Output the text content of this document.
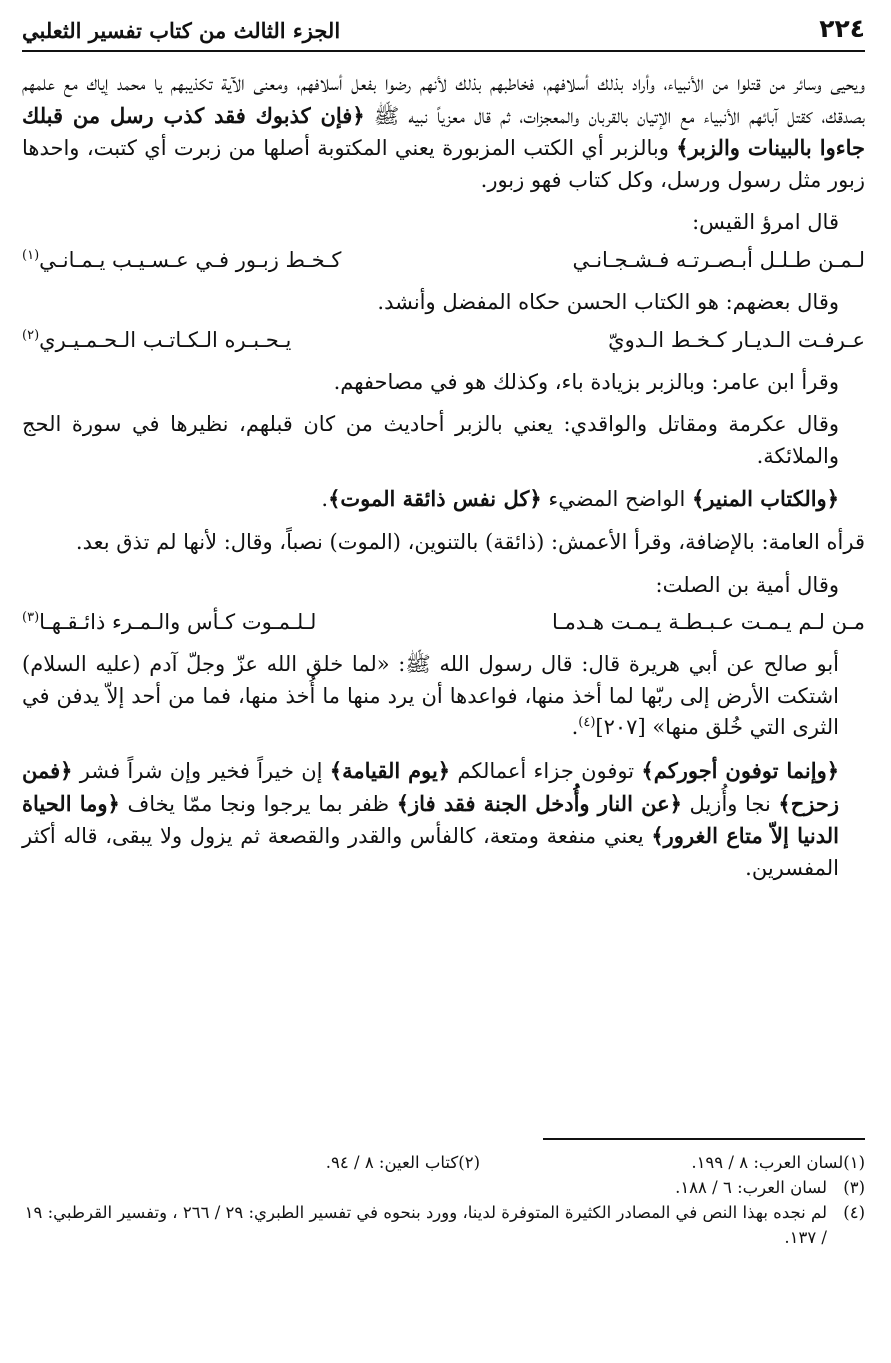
٢٢٤
الجزء الثالث من كتاب تفسير الثعلبي

ويحيى وسائر من قتلوا من الأنبياء، وأراد بذلك أسلافهم، فخاطبهم بذلك لأنهم رضوا بفعل أسلافهم، ومعنى الآية تكذيبهم يا محمد إياك مع علمهم بصدقك، كقتل آبائهم الأنبياء مع الإتيان بالقربان والمعجزات، ثم قال معزياً نبيه ﷺ ﴿فإن كذبوك فقد كذب رسل من قبلك جاءوا بالبينات والزبر﴾ وبالزبر أي الكتب المزبورة يعني المكتوبة أصلها من زبرت أي كتبت، واحدها زبور مثل رسول ورسل، وكل كتاب فهو زبور.

قال امرؤ القيس:

لـمـن طـلـل أبـصـرتـه فـشـجـانـي
كـخـط زبـور فـي عـسـيـب يـمـانـي$^{(١)}$

وقال بعضهم: هو الكتاب الحسن حكاه المفضل وأنشد.

عـرفـت الـديـار كـخـط الـدويّ
يـحـبـره الـكـاتـب الـحـمـيـري$^{(٢)}$

وقرأ ابن عامر: وبالزبر بزيادة باء، وكذلك هو في مصاحفهم.

وقال عكرمة ومقاتل والواقدي: يعني بالزبر أحاديث من كان قبلهم، نظيرها في سورة الحج والملائكة.

﴿والكتاب المنير﴾ الواضح المضيء ﴿كل نفس ذائقة الموت﴾.

قرأه العامة: بالإضافة، وقرأ الأعمش: (ذائقة) بالتنوين، (الموت) نصباً، وقال: لأنها لم تذق بعد.

وقال أمية بن الصلت:

مـن لـم يـمـت عـبـطـة يـمـت هـدمـا
لـلـمـوت كـأس والـمـرء ذائـقـهـا$^{(٣)}$

أبو صالح عن أبي هريرة قال: قال رسول الله ﷺ: «لما خلق الله عزّ وجلّ آدم (عليه السلام) اشتكت الأرض إلى ربّها لما أخذ منها، فواعدها أن يرد منها ما أُخذ منها، فما من أحد إلاّ يدفن في الثرى التي خُلق منها» [٢٠٧]$^{(٤)}$.

﴿وإنما توفون أجوركم﴾ توفون جزاء أعمالكم ﴿يوم القيامة﴾ إن خيراً فخير وإن شراً فشر ﴿فمن زحزح﴾ نجا وأُزيل ﴿عن النار وأُدخل الجنة فقد فاز﴾ ظفر بما يرجوا ونجا ممّا يخاف ﴿وما الحياة الدنيا إلاّ متاع الغرور﴾ يعني منفعة ومتعة، كالفأس والقدر والقصعة ثم يزول ولا يبقى، قاله أكثر المفسرين.

(١)
لسان العرب: ٨ / ١٩٩.
(٢)
كتاب العين: ٨ / ٩٤.
(٣)
لسان العرب: ٦ / ١٨٨.
(٤)
لم نجده بهذا النص في المصادر الكثيرة المتوفرة لدينا، وورد بنحوه في تفسير الطبري: ٢٩ / ٢٦٦ ، وتفسير القرطبي: ١٩ / ١٣٧.
